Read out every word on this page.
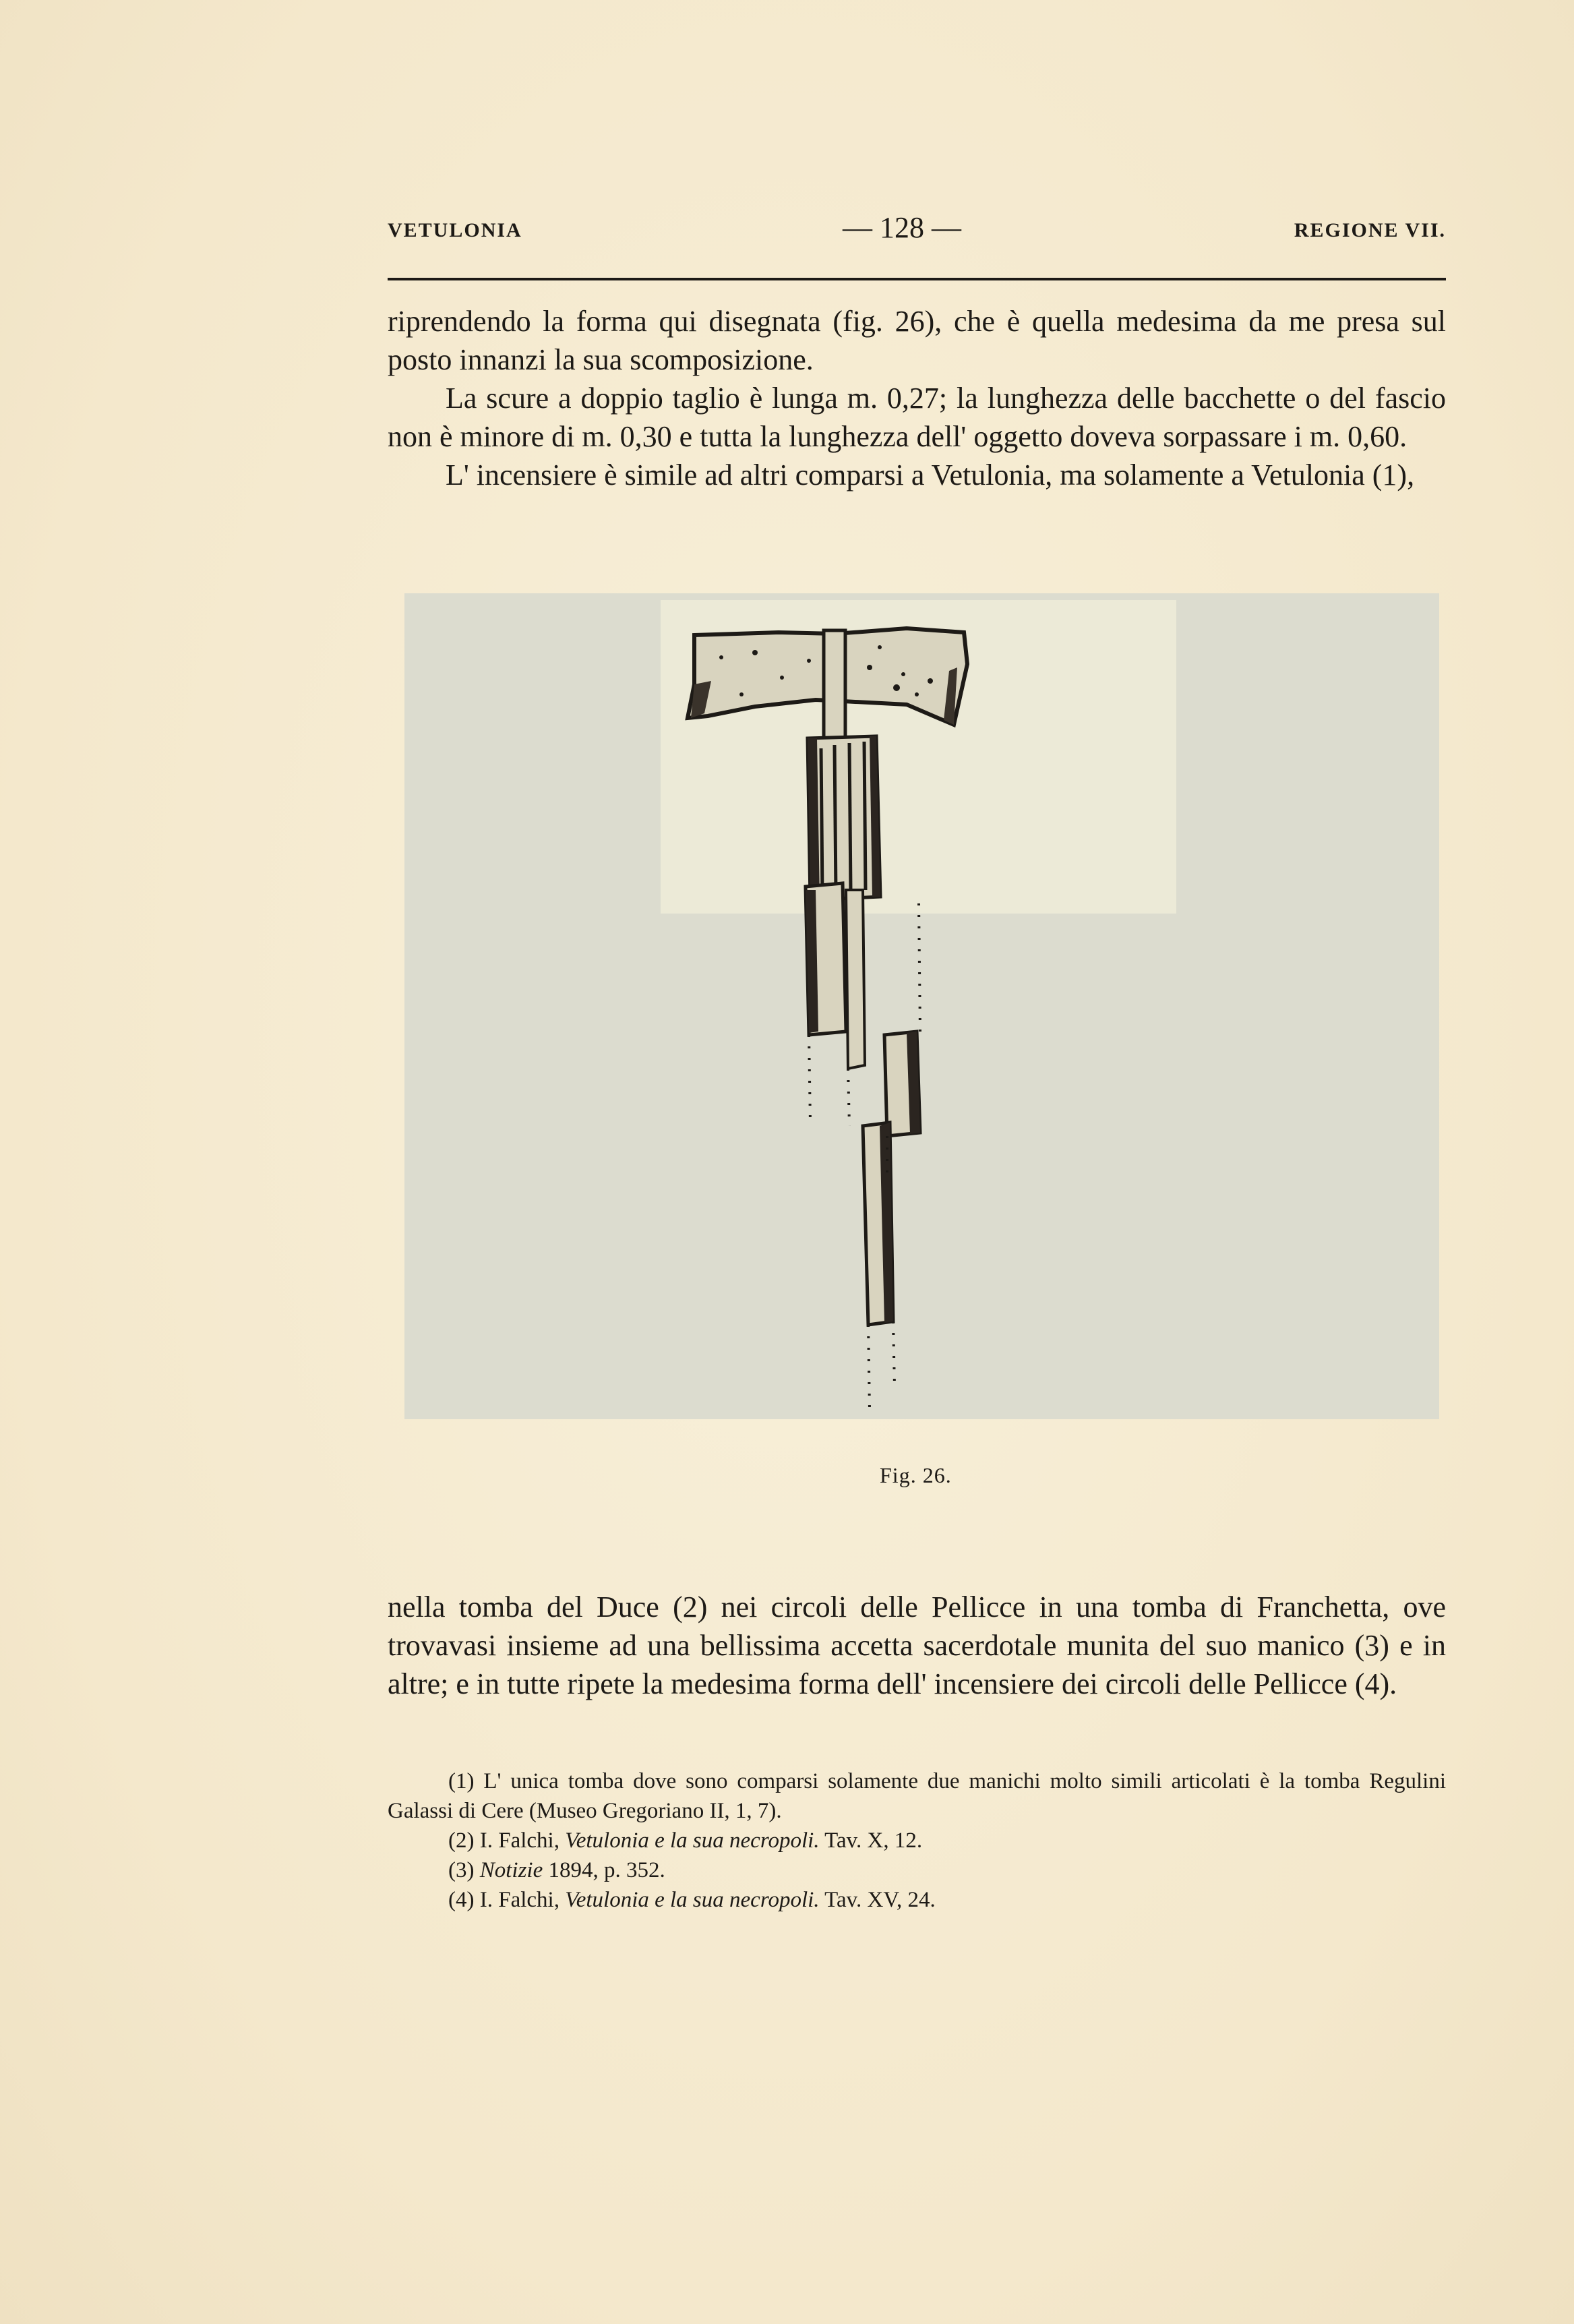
VETULONIA	— 128 —	REGIONE VII.

riprendendo la forma qui disegnata (fig. 26), che è quella medesima da me presa sul posto innanzi la sua scomposizione.

La scure a doppio taglio è lunga m. 0,27; la lunghezza delle bacchette o del fascio non è minore di m. 0,30 e tutta la lunghezza dell' oggetto doveva sorpassare i m. 0,60.

L' incensiere è simile ad altri comparsi a Vetulonia, ma solamente a Vetulonia (1),

Fig. 26.

nella tomba del Duce (2) nei circoli delle Pellicce in una tomba di Franchetta, ove trovavasi insieme ad una bellissima accetta sacerdotale munita del suo manico (3) e in altre; e in tutte ripete la medesima forma dell' incensiere dei circoli delle Pellicce (4).

(1) L' unica tomba dove sono comparsi solamente due manichi molto simili articolati è la tomba Regulini Galassi di Cere (Museo Gregoriano II, 1, 7).

(2) I. Falchi, Vetulonia e la sua necropoli. Tav. X, 12.

(3) Notizie 1894, p. 352.

(4) I. Falchi, Vetulonia e la sua necropoli. Tav. XV, 24.
